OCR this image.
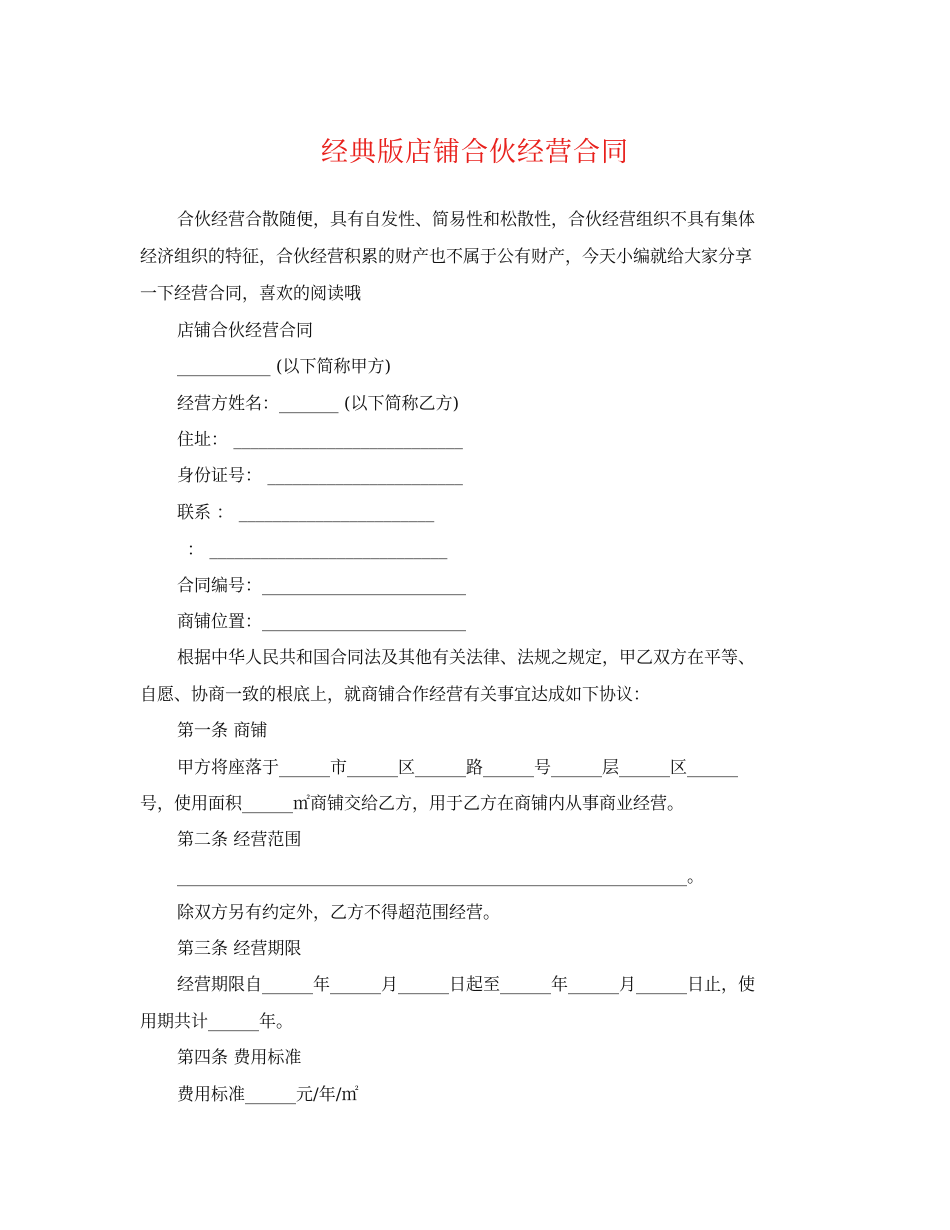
经典版店铺合伙经营合同
合伙经营合散随便，具有自发性、简易性和松散性，合伙经营组织不具有集体
经济组织的特征，合伙经营积累的财产也不属于公有财产，今天小编就给大家分享
一下经营合同，喜欢的阅读哦
店铺合伙经营合同
___________ (以下简称甲方)
经营方姓名：_______ (以下简称乙方)
住址： ___________________________
身份证号： _______________________
联系 ： _______________________
： ____________________________
合同编号：________________________
商铺位置：________________________
根据中华人民共和国合同法及其他有关法律、法规之规定，甲乙双方在平等、
自愿、协商一致的根底上，就商铺合作经营有关事宜达成如下协议：
第一条 商铺
甲方将座落于______市______区______路______号______层______区______
号，使用面积______㎡商铺交给乙方，用于乙方在商铺内从事商业经营。
第二条 经营范围
____________________________________________________________。
除双方另有约定外，乙方不得超范围经营。
第三条 经营期限
经营期限自______年______月______日起至______年______月______日止，使
用期共计______年。
第四条 费用标准
费用标准______元/年/㎡
